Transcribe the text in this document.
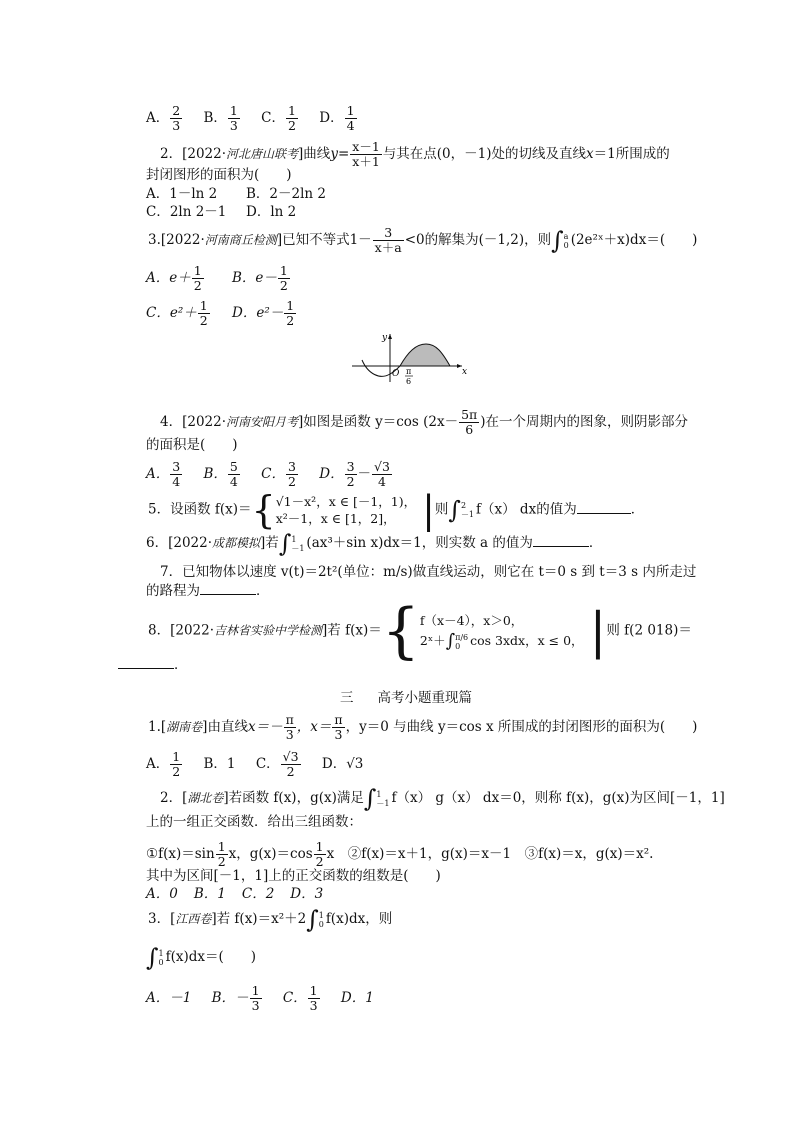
A． $\frac{2}{3}$ B． $\frac{1}{3}$ C． $\frac{1}{2}$ D． $\frac{1}{4}$
2．[2022·河北唐山联考]曲线$y= \frac{x-1}{x+1}$ 与其在点(0，－1)处的切线及直线x＝1所围成的
封闭图形的面积为(　　)
A．1－ln 2 B．2－2ln 2
C．2ln 2－1 D．ln 2
3.[2022·河南商丘检测]已知不等式$1- \frac{3}{x+a} <0$的解集为(－1,2)，则∫a
0 (2e²ˣ＋x)dx＝(　　)
A．$e+ \frac{1}{2}$ B．$e- \frac{1}{2}$
C．$e^2+ \frac{1}{2}$ D．$e^2- \frac{1}{2}$
y
x
O π
6
4．[2022·河南安阳月考]如图是函数 y＝cos ($2x- \frac{5\pi}{6}$ )在一个周期内的图象，则阴影部分
的面积是(　　)
A． $\frac{3}{4}$ B． $\frac{5}{4}$ C． $\frac{3}{2}$ D． $\frac{3}{2} - \frac{√3}{4}$
5．设函数 f(x)＝{√1－x²，x ∈ [－1，1)，
x²－1，x ∈ [1，2]， |则∫2
－1 f（x） dx的值为	．
6．[2022·成都模拟]若∫1
－1 (ax³＋sin x)dx＝1，则实数 a 的值为	．
7．已知物体以速度 v(t)＝2t²(单位：m/s)做直线运动，则它在 t＝0 s 到 t＝3 s 内所走过
的路程为	．
8．[2022·吉林省实验中学检测]若 f(x)＝{f（x－4），x＞0，
2ˣ＋∫π/6
0 cos 3xdx，x ≤ 0， |则 f(2 018)＝
．
三 高考小题重现篇
1.[湖南卷]由直线$x=- \frac{\pi}{3}$ ，$x= \frac{\pi}{3}$ ，y＝0 与曲线 y＝cos x 所围成的封闭图形的面积为(　　)
A． $\frac{1}{2}$ B．1 C． $\frac{√3}{2}$ D．√3
2．[湖北卷]若函数 f(x)，g(x)满足∫1
－1 f（x） g（x） dx＝0，则称 f(x)，g(x)为区间[－1，1]
上的一组正交函数．给出三组函数：
①f(x)＝sin $\frac{1}{2}$ x，$g(x)=\cos \frac{1}{2}$ x　②f(x)＝x＋1，g(x)＝x－1　③f(x)＝x，g(x)＝x².
其中为区间[－1，1]上的正交函数的组数是(　　)
A．0 B．1 C．2 D．3
3．[江西卷]若 f(x)＝x²＋2∫1
0 f(x)dx，则
∫1
0 f(x)dx＝(　　)
A．－1 B．－ $\frac{1}{3}$ C． $\frac{1}{3}$ D．1
